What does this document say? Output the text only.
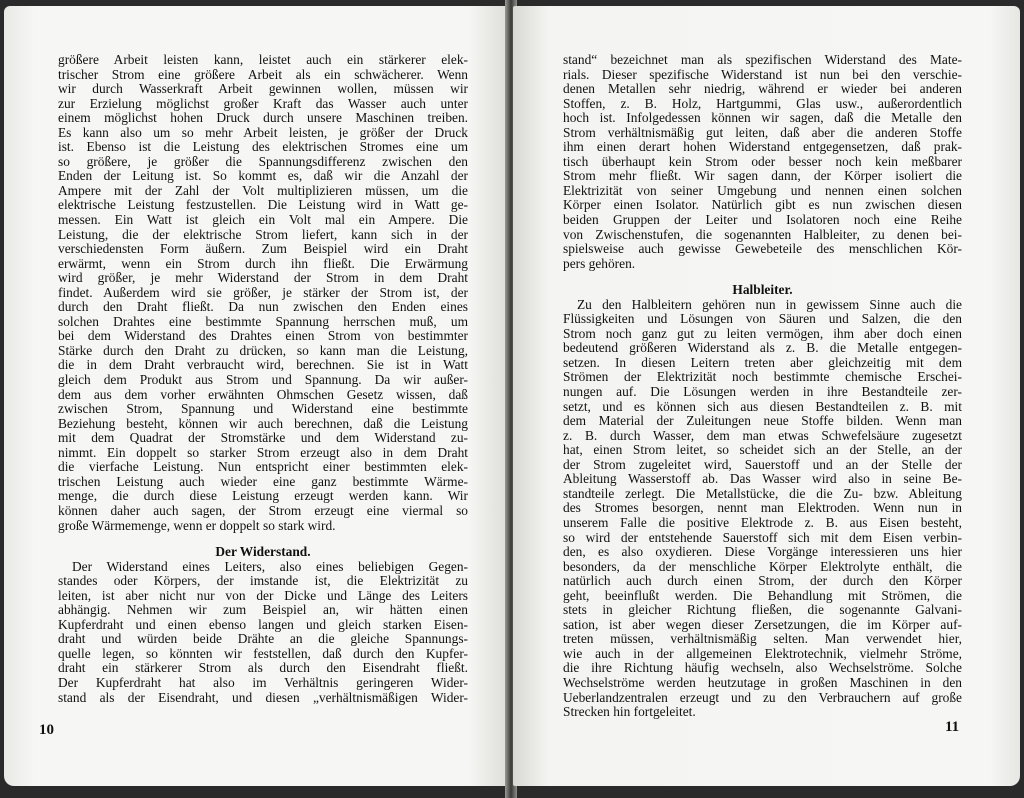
größere Arbeit leisten kann, leistet auch ein stärkerer elek-
trischer Strom eine größere Arbeit als ein schwächerer. Wenn
wir durch Wasserkraft Arbeit gewinnen wollen, müssen wir
zur Erzielung möglichst großer Kraft das Wasser auch unter
einem möglichst hohen Druck durch unsere Maschinen treiben.
Es kann also um so mehr Arbeit leisten, je größer der Druck
ist. Ebenso ist die Leistung des elektrischen Stromes eine um
so größere, je größer die Spannungsdifferenz zwischen den
Enden der Leitung ist. So kommt es, daß wir die Anzahl der
Ampere mit der Zahl der Volt multiplizieren müssen, um die
elektrische Leistung festzustellen. Die Leistung wird in Watt ge-
messen. Ein Watt ist gleich ein Volt mal ein Ampere. Die
Leistung, die der elektrische Strom liefert, kann sich in der
verschiedensten Form äußern. Zum Beispiel wird ein Draht
erwärmt, wenn ein Strom durch ihn fließt. Die Erwärmung
wird größer, je mehr Widerstand der Strom in dem Draht
findet. Außerdem wird sie größer, je stärker der Strom ist, der
durch den Draht fließt. Da nun zwischen den Enden eines
solchen Drahtes eine bestimmte Spannung herrschen muß, um
bei dem Widerstand des Drahtes einen Strom von bestimmter
Stärke durch den Draht zu drücken, so kann man die Leistung,
die in dem Draht verbraucht wird, berechnen. Sie ist in Watt
gleich dem Produkt aus Strom und Spannung. Da wir außer-
dem aus dem vorher erwähnten Ohmschen Gesetz wissen, daß
zwischen Strom, Spannung und Widerstand eine bestimmte
Beziehung besteht, können wir auch berechnen, daß die Leistung
mit dem Quadrat der Stromstärke und dem Widerstand zu-
nimmt. Ein doppelt so starker Strom erzeugt also in dem Draht
die vierfache Leistung. Nun entspricht einer bestimmten elek-
trischen Leistung auch wieder eine ganz bestimmte Wärme-
menge, die durch diese Leistung erzeugt werden kann. Wir
können daher auch sagen, der Strom erzeugt eine viermal so
große Wärmemenge, wenn er doppelt so stark wird.
Der Widerstand.
Der Widerstand eines Leiters, also eines beliebigen Gegen-
standes oder Körpers, der imstande ist, die Elektrizität zu
leiten, ist aber nicht nur von der Dicke und Länge des Leiters
abhängig. Nehmen wir zum Beispiel an, wir hätten einen
Kupferdraht und einen ebenso langen und gleich starken Eisen-
draht und würden beide Drähte an die gleiche Spannungs-
quelle legen, so könnten wir feststellen, daß durch den Kupfer-
draht ein stärkerer Strom als durch den Eisendraht fließt.
Der Kupferdraht hat also im Verhältnis geringeren Wider-
stand als der Eisendraht, und diesen „verhältnismäßigen Wider-
10
stand“ bezeichnet man als spezifischen Widerstand des Mate-
rials. Dieser spezifische Widerstand ist nun bei den verschie-
denen Metallen sehr niedrig, während er wieder bei anderen
Stoffen, z. B. Holz, Hartgummi, Glas usw., außerordentlich
hoch ist. Infolgedessen können wir sagen, daß die Metalle den
Strom verhältnismäßig gut leiten, daß aber die anderen Stoffe
ihm einen derart hohen Widerstand entgegensetzen, daß prak-
tisch überhaupt kein Strom oder besser noch kein meßbarer
Strom mehr fließt. Wir sagen dann, der Körper isoliert die
Elektrizität von seiner Umgebung und nennen einen solchen
Körper einen Isolator. Natürlich gibt es nun zwischen diesen
beiden Gruppen der Leiter und Isolatoren noch eine Reihe
von Zwischenstufen, die sogenannten Halbleiter, zu denen bei-
spielsweise auch gewisse Gewebeteile des menschlichen Kör-
pers gehören.
Halbleiter.
Zu den Halbleitern gehören nun in gewissem Sinne auch die
Flüssigkeiten und Lösungen von Säuren und Salzen, die den
Strom noch ganz gut zu leiten vermögen, ihm aber doch einen
bedeutend größeren Widerstand als z. B. die Metalle entgegen-
setzen. In diesen Leitern treten aber gleichzeitig mit dem
Strömen der Elektrizität noch bestimmte chemische Erschei-
nungen auf. Die Lösungen werden in ihre Bestandteile zer-
setzt, und es können sich aus diesen Bestandteilen z. B. mit
dem Material der Zuleitungen neue Stoffe bilden. Wenn man
z. B. durch Wasser, dem man etwas Schwefelsäure zugesetzt
hat, einen Strom leitet, so scheidet sich an der Stelle, an der
der Strom zugeleitet wird, Sauerstoff und an der Stelle der
Ableitung Wasserstoff ab. Das Wasser wird also in seine Be-
standteile zerlegt. Die Metallstücke, die die Zu- bzw. Ableitung
des Stromes besorgen, nennt man Elektroden. Wenn nun in
unserem Falle die positive Elektrode z. B. aus Eisen besteht,
so wird der entstehende Sauerstoff sich mit dem Eisen verbin-
den, es also oxydieren. Diese Vorgänge interessieren uns hier
besonders, da der menschliche Körper Elektrolyte enthält, die
natürlich auch durch einen Strom, der durch den Körper
geht, beeinflußt werden. Die Behandlung mit Strömen, die
stets in gleicher Richtung fließen, die sogenannte Galvani-
sation, ist aber wegen dieser Zersetzungen, die im Körper auf-
treten müssen, verhältnismäßig selten. Man verwendet hier,
wie auch in der allgemeinen Elektrotechnik, vielmehr Ströme,
die ihre Richtung häufig wechseln, also Wechselströme. Solche
Wechselströme werden heutzutage in großen Maschinen in den
Ueberlandzentralen erzeugt und zu den Verbrauchern auf große
Strecken hin fortgeleitet.
11
